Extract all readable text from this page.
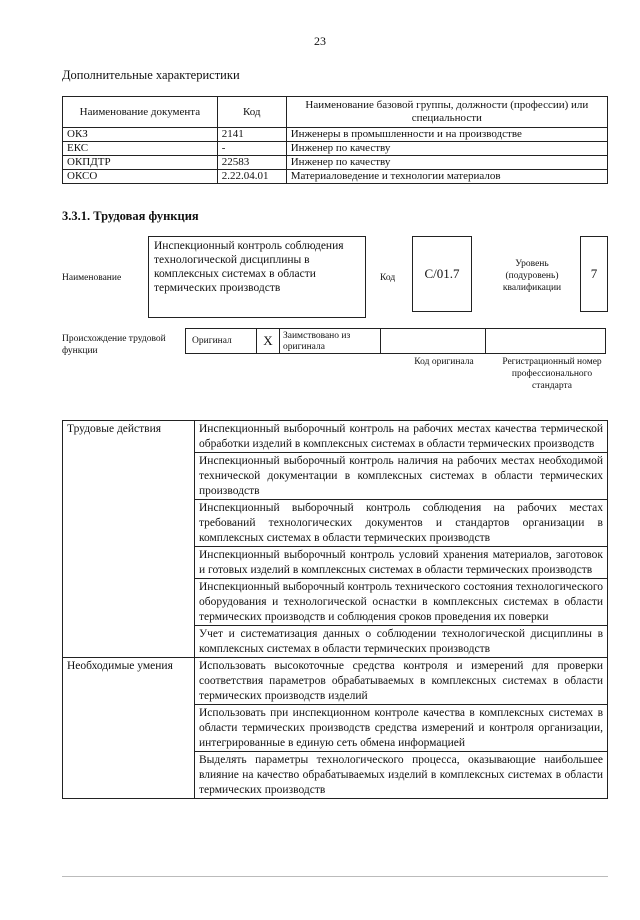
23
Дополнительные характеристики
Наименование документа	Код	Наименование базовой группы, должности (профессии) или специальности
ОКЗ	2141	Инженеры в промышленности и на производстве
ЕКС	-	Инженер по качеству
ОКПДТР	22583	Инженер по качеству
ОКСО	2.22.04.01	Материаловедение и технологии материалов
3.3.1. Трудовая функция
Наименование
Инспекционный контроль соблюдения технологической дисциплины в комплексных системах в области термических производств
Код	С/01.7
Уровень (подуровень) квалификации
7
Происхождение трудовой функции
Оригинал	X	Заимствовано из оригинала
Код оригинала	Регистрационный номер профессионального стандарта
Трудовые действия	Инспекционный выборочный контроль на рабочих местах качества термической обработки изделий в комплексных системах в области термических производств
	Инспекционный выборочный контроль наличия на рабочих местах необходимой технической документации в комплексных системах в области термических производств
	Инспекционный выборочный контроль соблюдения на рабочих местах требований технологических документов и стандартов организации в комплексных системах в области термических производств
	Инспекционный выборочный контроль условий хранения материалов, заготовок и готовых изделий в комплексных системах в области термических производств
	Инспекционный выборочный контроль технического состояния технологического оборудования и технологической оснастки в комплексных системах в области термических производств и соблюдения сроков проведения их поверки
	Учет и систематизация данных о соблюдении технологической дисциплины в комплексных системах в области термических производств
Необходимые умения	Использовать высокоточные средства контроля и измерений для проверки соответствия параметров обрабатываемых в комплексных системах в области термических производств изделий
	Использовать при инспекционном контроле качества в комплексных системах в области термических производств средства измерений и контроля организации, интегрированные в единую сеть обмена информацией
	Выделять параметры технологического процесса, оказывающие наибольшее влияние на качество обрабатываемых изделий в комплексных системах в области термических производств
